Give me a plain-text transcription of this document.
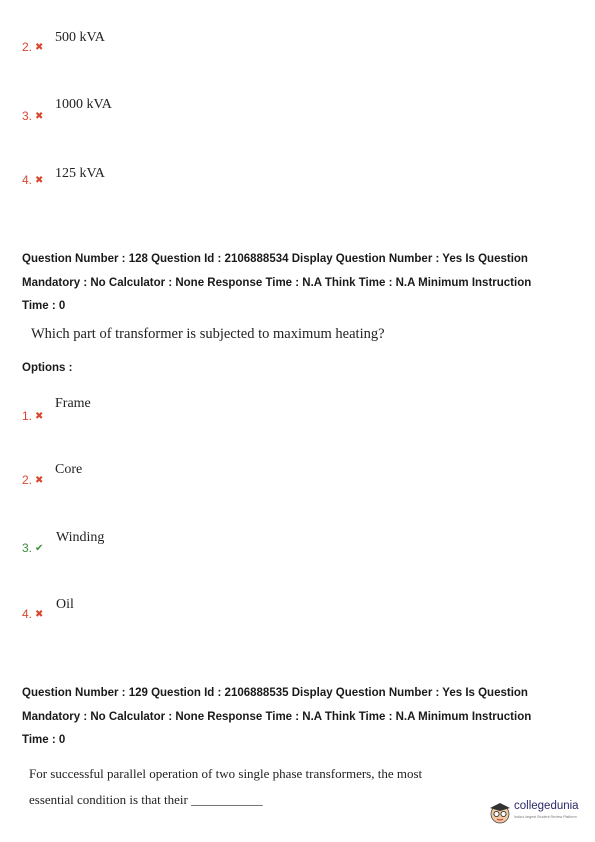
2. ✖
500 kVA
3. ✖
1000 kVA
4. ✖ 125 kVA
Question Number : 128 Question Id : 2106888534 Display Question Number : Yes Is Question
Mandatory : No Calculator : None Response Time : N.A Think Time : N.A Minimum Instruction
Time : 0
Which part of transformer is subjected to maximum heating?
Options :
1. ✖
Frame
2. ✖
Core
3. ✔
Winding
4. ✖
Oil
Question Number : 129 Question Id : 2106888535 Display Question Number : Yes Is Question
Mandatory : No Calculator : None Response Time : N.A Think Time : N.A Minimum Instruction
Time : 0
For successful parallel operation of two single phase transformers, the most
essential condition is that their ___________	collegedunia
India's largest Student Review Platform
